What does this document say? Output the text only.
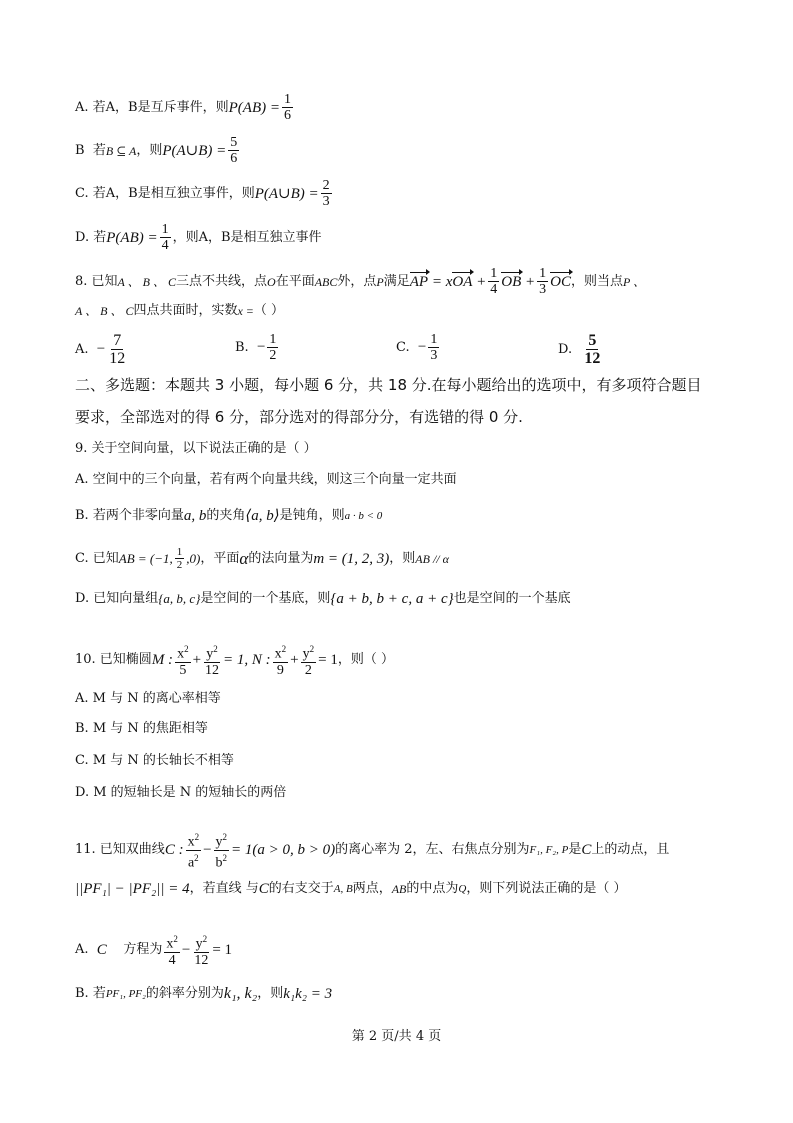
A.
若A，B是互斥事件，则 $P(AB) = \frac{1}{6}$
B
若 B ⊆ A ，则 P(A∪B) = $\frac{5}{6}$
C.
若A，B是相互独立事件，则 P(A∪B) = $\frac{2}{3}$
D.
若 $P(AB) = \frac{1}{4}$ ，则A，B是相互独立事件
8. 已知 A 、 B 、 C 三点不共线，点 O 在平面 ABC 外，点 P 满足 AP = xOA + $\frac{1}{4}$ OB + $\frac{1}{3}$ OC ，则当点 P 、
A 、 B 、 C 四点共面时，实数 x = （ ）
A.
− $\frac{7}{12}$	B.
− $\frac{1}{2}$	C.
− $\frac{1}{3}$	D.
$\frac{5}{12}$
二、多选题：本题共 3 小题，每小题 6 分，共 18 分.在每小题给出的选项中，有多项符合题目
要求，全部选对的得 6 分，部分选对的得部分分，有选错的得 0 分.
9. 关于空间向量，以下说法正确的是（ ）
A. 空间中的三个向量，若有两个向量共线，则这三个向量一定共面
B. 若两个非零向量 a, b 的夹角 ⟨a, b⟩ 是钝角，则 a · b < 0
C. 已知 AB = (−1, $\frac{1}{2} ,0$) ，平面 α 的法向量为 m = (1, 2, 3) ，则 AB // α
D. 已知向量组 {a, b, c} 是空间的一个基底，则 {a + b, b + c, a + c} 也是空间的一个基底
10. 已知椭圆 M : $\frac{x^2}{5} + \frac{y^2}{12} = 1$, N : $\frac{x^2}{9} + \frac{y^2}{2} = 1$ ，则（ ）
A. M 与 N 的离心率相等
B. M 与 N 的焦距相等
C. M 与 N 的长轴长不相等
D. M 的短轴长是 N 的短轴长的两倍
11. 已知双曲线 C : $\frac{x^2}{a^2} - \frac{y^2}{b^2} = 1(a > 0$, b > 0) 的离心率为 2，左、右焦点分别为 F₁, F₂, P 是 C 上的动点，且
||PF₁| − |PF₂|| = 4 ，若直线 与 C 的右支交于 A, B 两点， AB 的中点为 Q ，则下列说法正确的是（ ）
A.
C
方程为 $\frac{x^2}{4} - \frac{y^2}{12} = 1$
B. 若 PF₁, PF₂ 的斜率分别为 k₁, k₂ ，则 k₁k₂ = 3
第 2 页/共 4 页
